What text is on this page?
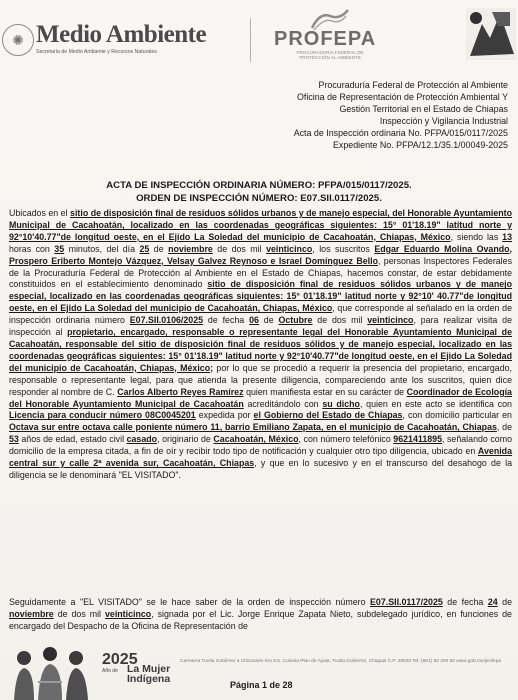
✺ Medio Ambiente
Secretaría de Medio Ambiente y Recursos Naturales
PROFEPA
PROCURADURÍA FEDERAL DE PROTECCIÓN AL AMBIENTE
Procuraduría Federal de Protección al Ambiente
Oficina de Representación de Protección Ambiental Y
Gestión Territorial en el Estado de Chiapas
Inspección y Vigilancia Industrial
Acta de Inspección ordinaria No. PFPA/015/0117/2025
Expediente No. PFPA/12.1/35.1/00049-2025
ACTA DE INSPECCIÓN ORDINARIA NÚMERO: PFPA/015/0117/2025.
ORDEN DE INSPECCIÓN NÚMERO: E07.SII.0117/2025.
Ubicados en el sitio de disposición final de residuos sólidos urbanos y de manejo especial, del Honorable Ayuntamiento Municipal de Cacahoatán, localizado en las coordenadas geográficas siguientes: 15° 01'18.19" latitud norte y 92°10'40.77"de longitud oeste, en el Ejido La Soledad del municipio de Cacahoatán, Chiapas, México, siendo las 13 horas con 35 minutos, del día 25 de noviembre de dos mil veinticinco, los suscritos Edgar Eduardo Molina Ovando, Prospero Eriberto Montejo Vázquez, Velsay Galvez Reynoso e Israel Domínguez Bello, personas Inspectores Federales de la Procuraduría Federal de Protección al Ambiente en el Estado de Chiapas, hacemos constar, de estar debidamente constituidos en el establecimiento denominado sitio de disposición final de residuos sólidos urbanos y de manejo especial, localizado en las coordenadas geográficas siguientes: 15° 01'18.19" latitud norte y 92°10' 40.77"de longitud oeste, en el Ejido La Soledad del municipio de Cacahoatán, Chiapas, México, que corresponde al señalado en la orden de inspección ordinaria número E07.SII.0106/2025 de fecha 06 de Octubre de dos mil veinticinco, para realizar visita de inspección al propietario, encargado, responsable o representante legal del Honorable Ayuntamiento Municipal de Cacahoatán, responsable del sitio de disposición final de residuos sólidos y de manejo especial, localizado en las coordenadas geográficas siguientes: 15° 01'18.19" latitud norte y 92°10'40.77"de longitud oeste, en el Ejido La Soledad del municipio de Cacahoatán, Chiapas, México; por lo que se procedió a requerir la presencia del propietario, encargado, responsable o representante legal, para que atienda la presente diligencia, compareciendo ante los suscritos, quien dice responder al nombre de C. Carlos Alberto Reyes Ramírez quien manifiesta estar en su carácter de Coordinador de Ecología del Honorable Ayuntamiento Municipal de Cacahoatán acreditándolo con su dicho, quien en este acto se identifica con Licencia para conducir número 08C0045201 expedida por el Gobierno del Estado de Chiapas, con domicilio particular en Octava sur entre octava calle poniente número 11, barrio Emiliano Zapata, en el municipio de Cacahoatán, Chiapas, de 53 años de edad, estado civil casado, originario de Cacahoatán, México, con número telefónico 9621411895, señalando como domicilio de la empresa citada, a fin de oír y recibir todo tipo de notificación y cualquier otro tipo diligencia, ubicado en Avenida central sur y calle 2ª avenida sur, Cacahoatán, Chiapas, y que en lo sucesivo y en el transcurso del desahogo de la diligencia se le denominará "EL VISITADO".
Seguidamente a "EL VISITADO" se le hace saber de la orden de inspección número E07.SII.0117/2025 de fecha 24 de noviembre de dos mil veinticinco, signada por el Lic. Jorge Enrique Zapata Nieto, subdelegado jurídico, en funciones de encargado del Despacho de la Oficina de Representación de
2025
Año de La Mujer
Indígena
Carretera Tuxtla Gutiérrez a Chicoasén Km 8.5, Colonia Plan de Ayala, Tuxtla Gutiérrez, Chiapas C.P. 29020 Tel: (961) 60 200 50 www.gob.mx/profepa
Página 1 de 28
